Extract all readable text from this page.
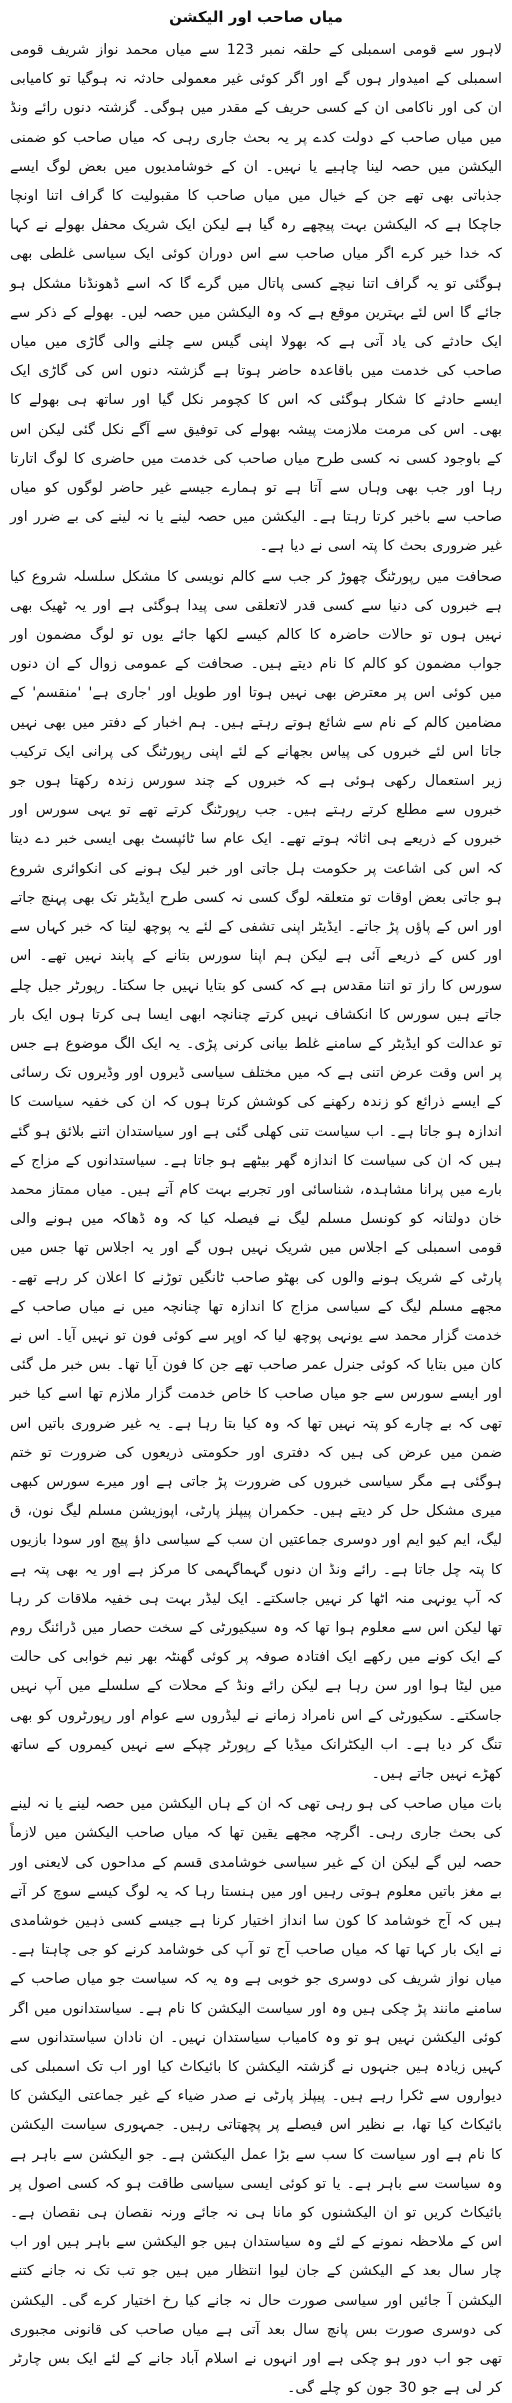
میاں صاحب اور الیکشن

لاہور سے قومی اسمبلی کے حلقہ نمبر 123 سے میاں محمد نواز شریف قومی اسمبلی کے امیدوار ہوں گے اور اگر کوئی غیر معمولی حادثہ نہ ہوگیا تو کامیابی ان کی اور ناکامی ان کے کسی حریف کے مقدر میں ہوگی۔ گزشتہ دنوں رائے ونڈ میں میاں صاحب کے دولت کدے پر یہ بحث جاری رہی کہ میاں صاحب کو ضمنی الیکشن میں حصہ لینا چاہیے یا نہیں۔ ان کے خوشامدیوں میں بعض لوگ ایسے جذباتی بھی تھے جن کے خیال میں میاں صاحب کا مقبولیت کا گراف اتنا اونچا جاچکا ہے کہ الیکشن بہت پیچھے رہ گیا ہے لیکن ایک شریک محفل بھولے نے کہا کہ خدا خیر کرے اگر میاں صاحب سے اس دوران کوئی ایک سیاسی غلطی بھی ہوگئی تو یہ گراف اتنا نیچے کسی پاتال میں گرے گا کہ اسے ڈھونڈنا مشکل ہو جائے گا اس لئے بہترین موقع ہے کہ وہ الیکشن میں حصہ لیں۔ بھولے کے ذکر سے ایک حادثے کی یاد آتی ہے کہ بھولا اپنی گیس سے چلنے والی گاڑی میں میاں صاحب کی خدمت میں باقاعدہ حاضر ہوتا ہے گزشتہ دنوں اس کی گاڑی ایک ایسے حادثے کا شکار ہوگئی کہ اس کا کچومر نکل گیا اور ساتھ ہی بھولے کا بھی۔ اس کی مرمت ملازمت پیشہ بھولے کی توفیق سے آگے نکل گئی لیکن اس کے باوجود کسی نہ کسی طرح میاں صاحب کی خدمت میں حاضری کا لوگ اتارتا رہا اور جب بھی وہاں سے آتا ہے تو ہمارے جیسے غیر حاضر لوگوں کو میاں صاحب سے باخبر کرتا رہتا ہے۔ الیکشن میں حصہ لینے یا نہ لینے کی بے ضرر اور غیر ضروری بحث کا پتہ اسی نے دیا ہے۔

صحافت میں رپورٹنگ چھوڑ کر جب سے کالم نویسی کا مشکل سلسلہ شروع کیا ہے خبروں کی دنیا سے کسی قدر لاتعلقی سی پیدا ہوگئی ہے اور یہ ٹھیک بھی نہیں ہوں تو حالات حاضرہ کا کالم کیسے لکھا جائے یوں تو لوگ مضمون اور جواب مضمون کو کالم کا نام دیتے ہیں۔ صحافت کے عمومی زوال کے ان دنوں میں کوئی اس پر معترض بھی نہیں ہوتا اور طویل اور 'جاری ہے' 'منقسم' کے مضامین کالم کے نام سے شائع ہوتے رہتے ہیں۔ ہم اخبار کے دفتر میں بھی نہیں جاتا اس لئے خبروں کی پیاس بجھانے کے لئے اپنی رپورٹنگ کی پرانی ایک ترکیب زیر استعمال رکھی ہوئی ہے کہ خبروں کے چند سورس زندہ رکھتا ہوں جو خبروں سے مطلع کرتے رہتے ہیں۔ جب رپورٹنگ کرتے تھے تو یہی سورس اور خبروں کے ذریعے ہی اثاثہ ہوتے تھے۔ ایک عام سا ٹائپسٹ بھی ایسی خبر دے دیتا کہ اس کی اشاعت پر حکومت ہل جاتی اور خبر لیک ہونے کی انکوائری شروع ہو جاتی بعض اوقات تو متعلقہ لوگ کسی نہ کسی طرح ایڈیٹر تک بھی پہنچ جاتے اور اس کے پاؤں پڑ جاتے۔ ایڈیٹر اپنی تشفی کے لئے یہ پوچھ لیتا کہ خبر کہاں سے اور کس کے ذریعے آئی ہے لیکن ہم اپنا سورس بتانے کے پابند نہیں تھے۔ اس سورس کا راز تو اتنا مقدس ہے کہ کسی کو بتایا نہیں جا سکتا۔ رپورٹر جیل چلے جاتے ہیں سورس کا انکشاف نہیں کرتے چنانچہ ابھی ایسا ہی کرتا ہوں ایک بار تو عدالت کو ایڈیٹر کے سامنے غلط بیانی کرنی پڑی۔ یہ ایک الگ موضوع ہے جس پر اس وقت عرض اتنی ہے کہ میں مختلف سیاسی ڈیروں اور وڈیروں تک رسائی کے ایسے ذرائع کو زندہ رکھنے کی کوشش کرتا ہوں کہ ان کی خفیہ سیاست کا اندازہ ہو جاتا ہے۔ اب سیاست تنی کھلی گئی ہے اور سیاستدان اتنے بلائق ہو گئے ہیں کہ ان کی سیاست کا اندازہ گھر بیٹھے ہو جاتا ہے۔ سیاستدانوں کے مزاج کے بارے میں پرانا مشاہدہ، شناسائی اور تجربے بہت کام آتے ہیں۔ میاں ممتاز محمد خان دولتانہ کو کونسل مسلم لیگ نے فیصلہ کیا کہ وہ ڈھاکہ میں ہونے والی قومی اسمبلی کے اجلاس میں شریک نہیں ہوں گے اور یہ اجلاس تھا جس میں پارٹی کے شریک ہونے والوں کی بھٹو صاحب ٹانگیں توڑنے کا اعلان کر رہے تھے۔ مجھے مسلم لیگ کے سیاسی مزاج کا اندازہ تھا چنانچہ میں نے میاں صاحب کے خدمت گزار محمد سے یونہی پوچھ لیا کہ اوپر سے کوئی فون تو نہیں آیا۔ اس نے کان میں بتایا کہ کوئی جنرل عمر صاحب تھے جن کا فون آیا تھا۔ بس خبر مل گئی اور ایسے سورس سے جو میاں صاحب کا خاص خدمت گزار ملازم تھا اسے کیا خبر تھی کہ بے چارے کو پتہ نہیں تھا کہ وہ کیا بتا رہا ہے۔ یہ غیر ضروری باتیں اس ضمن میں عرض کی ہیں کہ دفتری اور حکومتی ذریعوں کی ضرورت تو ختم ہوگئی ہے مگر سیاسی خبروں کی ضرورت پڑ جاتی ہے اور میرے سورس کبھی میری مشکل حل کر دیتے ہیں۔ حکمران پیپلز پارٹی، اپوزیشن مسلم لیگ نون، ق لیگ، ایم کیو ایم اور دوسری جماعتیں ان سب کے سیاسی داؤ پیچ اور سودا بازیوں کا پتہ چل جاتا ہے۔ رائے ونڈ ان دنوں گہماگہمی کا مرکز ہے اور یہ بھی پتہ ہے کہ آپ یونہی منہ اٹھا کر نہیں جاسکتے۔ ایک لیڈر بہت ہی خفیہ ملاقات کر رہا تھا لیکن اس سے معلوم ہوا تھا کہ وہ سیکیورٹی کے سخت حصار میں ڈرائنگ روم کے ایک کونے میں رکھے ایک افتادہ صوفہ پر کوئی گھنٹہ بھر نیم خوابی کی حالت میں لیٹا ہوا اور سن رہا ہے لیکن رائے ونڈ کے محلات کے سلسلے میں آپ نہیں جاسکتے۔ سکیورٹی کے اس نامراد زمانے نے لیڈروں سے عوام اور رپورٹروں کو بھی تنگ کر دیا ہے۔ اب الیکٹرانک میڈیا کے رپورٹر چپکے سے نہیں کیمروں کے ساتھ کھڑے نہیں جاتے ہیں۔

بات میاں صاحب کی ہو رہی تھی کہ ان کے ہاں الیکشن میں حصہ لینے یا نہ لینے کی بحث جاری رہی۔ اگرچہ مجھے یقین تھا کہ میاں صاحب الیکشن میں لازماً حصہ لیں گے لیکن ان کے غیر سیاسی خوشامدی قسم کے مداحوں کی لایعنی اور بے مغز باتیں معلوم ہوتی رہیں اور میں ہنستا رہا کہ یہ لوگ کیسے سوچ کر آتے ہیں کہ آج خوشامد کا کون سا انداز اختیار کرنا ہے جیسے کسی ذہین خوشامدی نے ایک بار کہا تھا کہ میاں صاحب آج تو آپ کی خوشامد کرنے کو جی چاہتا ہے۔ میاں نواز شریف کی دوسری جو خوبی ہے وہ یہ کہ سیاست جو میاں صاحب کے سامنے مانند پڑ چکی ہیں وہ اور سیاست الیکشن کا نام ہے۔ سیاستدانوں میں اگر کوئی الیکشن نہیں ہو تو وہ کامیاب سیاستدان نہیں۔ ان نادان سیاستدانوں سے کہیں زیادہ ہیں جنہوں نے گزشتہ الیکشن کا بائیکاٹ کیا اور اب تک اسمبلی کی دیواروں سے ٹکرا رہے ہیں۔ پیپلز پارٹی نے صدر ضیاء کے غیر جماعتی الیکشن کا بائیکاٹ کیا تھا، بے نظیر اس فیصلے پر پچھتاتی رہیں۔ جمہوری سیاست الیکشن کا نام ہے اور سیاست کا سب سے بڑا عمل الیکشن ہے۔ جو الیکشن سے باہر ہے وہ سیاست سے باہر ہے۔ یا تو کوئی ایسی سیاسی طاقت ہو کہ کسی اصول پر بائیکاٹ کریں تو ان الیکشنوں کو مانا ہی نہ جائے ورنہ نقصان ہی نقصان ہے۔ اس کے ملاحظہ نمونے کے لئے وہ سیاستدان ہیں جو الیکشن سے باہر ہیں اور اب چار سال بعد کے الیکشن کے جان لیوا انتظار میں ہیں جو تب تک نہ جانے کتنے الیکشن آ جائیں اور سیاسی صورت حال نہ جانے کیا رخ اختیار کرے گی۔ الیکشن کی دوسری صورت بس پانچ سال بعد آتی ہے میاں صاحب کی قانونی مجبوری تھی جو اب دور ہو چکی ہے اور انہوں نے اسلام آباد جانے کے لئے ایک بس چارٹر کر لی ہے جو 30 جون کو چلے گی۔
